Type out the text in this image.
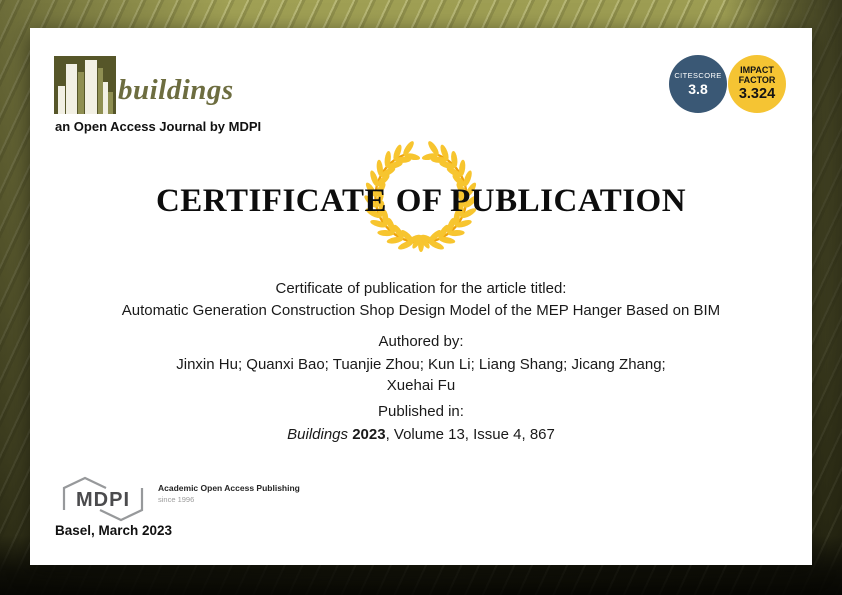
buildings
an Open Access Journal by MDPI
CITESCORE
3.8
IMPACT FACTOR
3.324
CERTIFICATE OF PUBLICATION
Certificate of publication for the article titled:
Automatic Generation Construction Shop Design Model of the MEP Hanger Based on BIM
Authored by:
Jinxin Hu; Quanxi Bao; Tuanjie Zhou; Kun Li; Liang Shang; Jicang Zhang;
Xuehai Fu
Published in:
Buildings 2023, Volume 13, Issue 4, 867
MDPI
Academic Open Access Publishing
since 1996
Basel, March 2023
